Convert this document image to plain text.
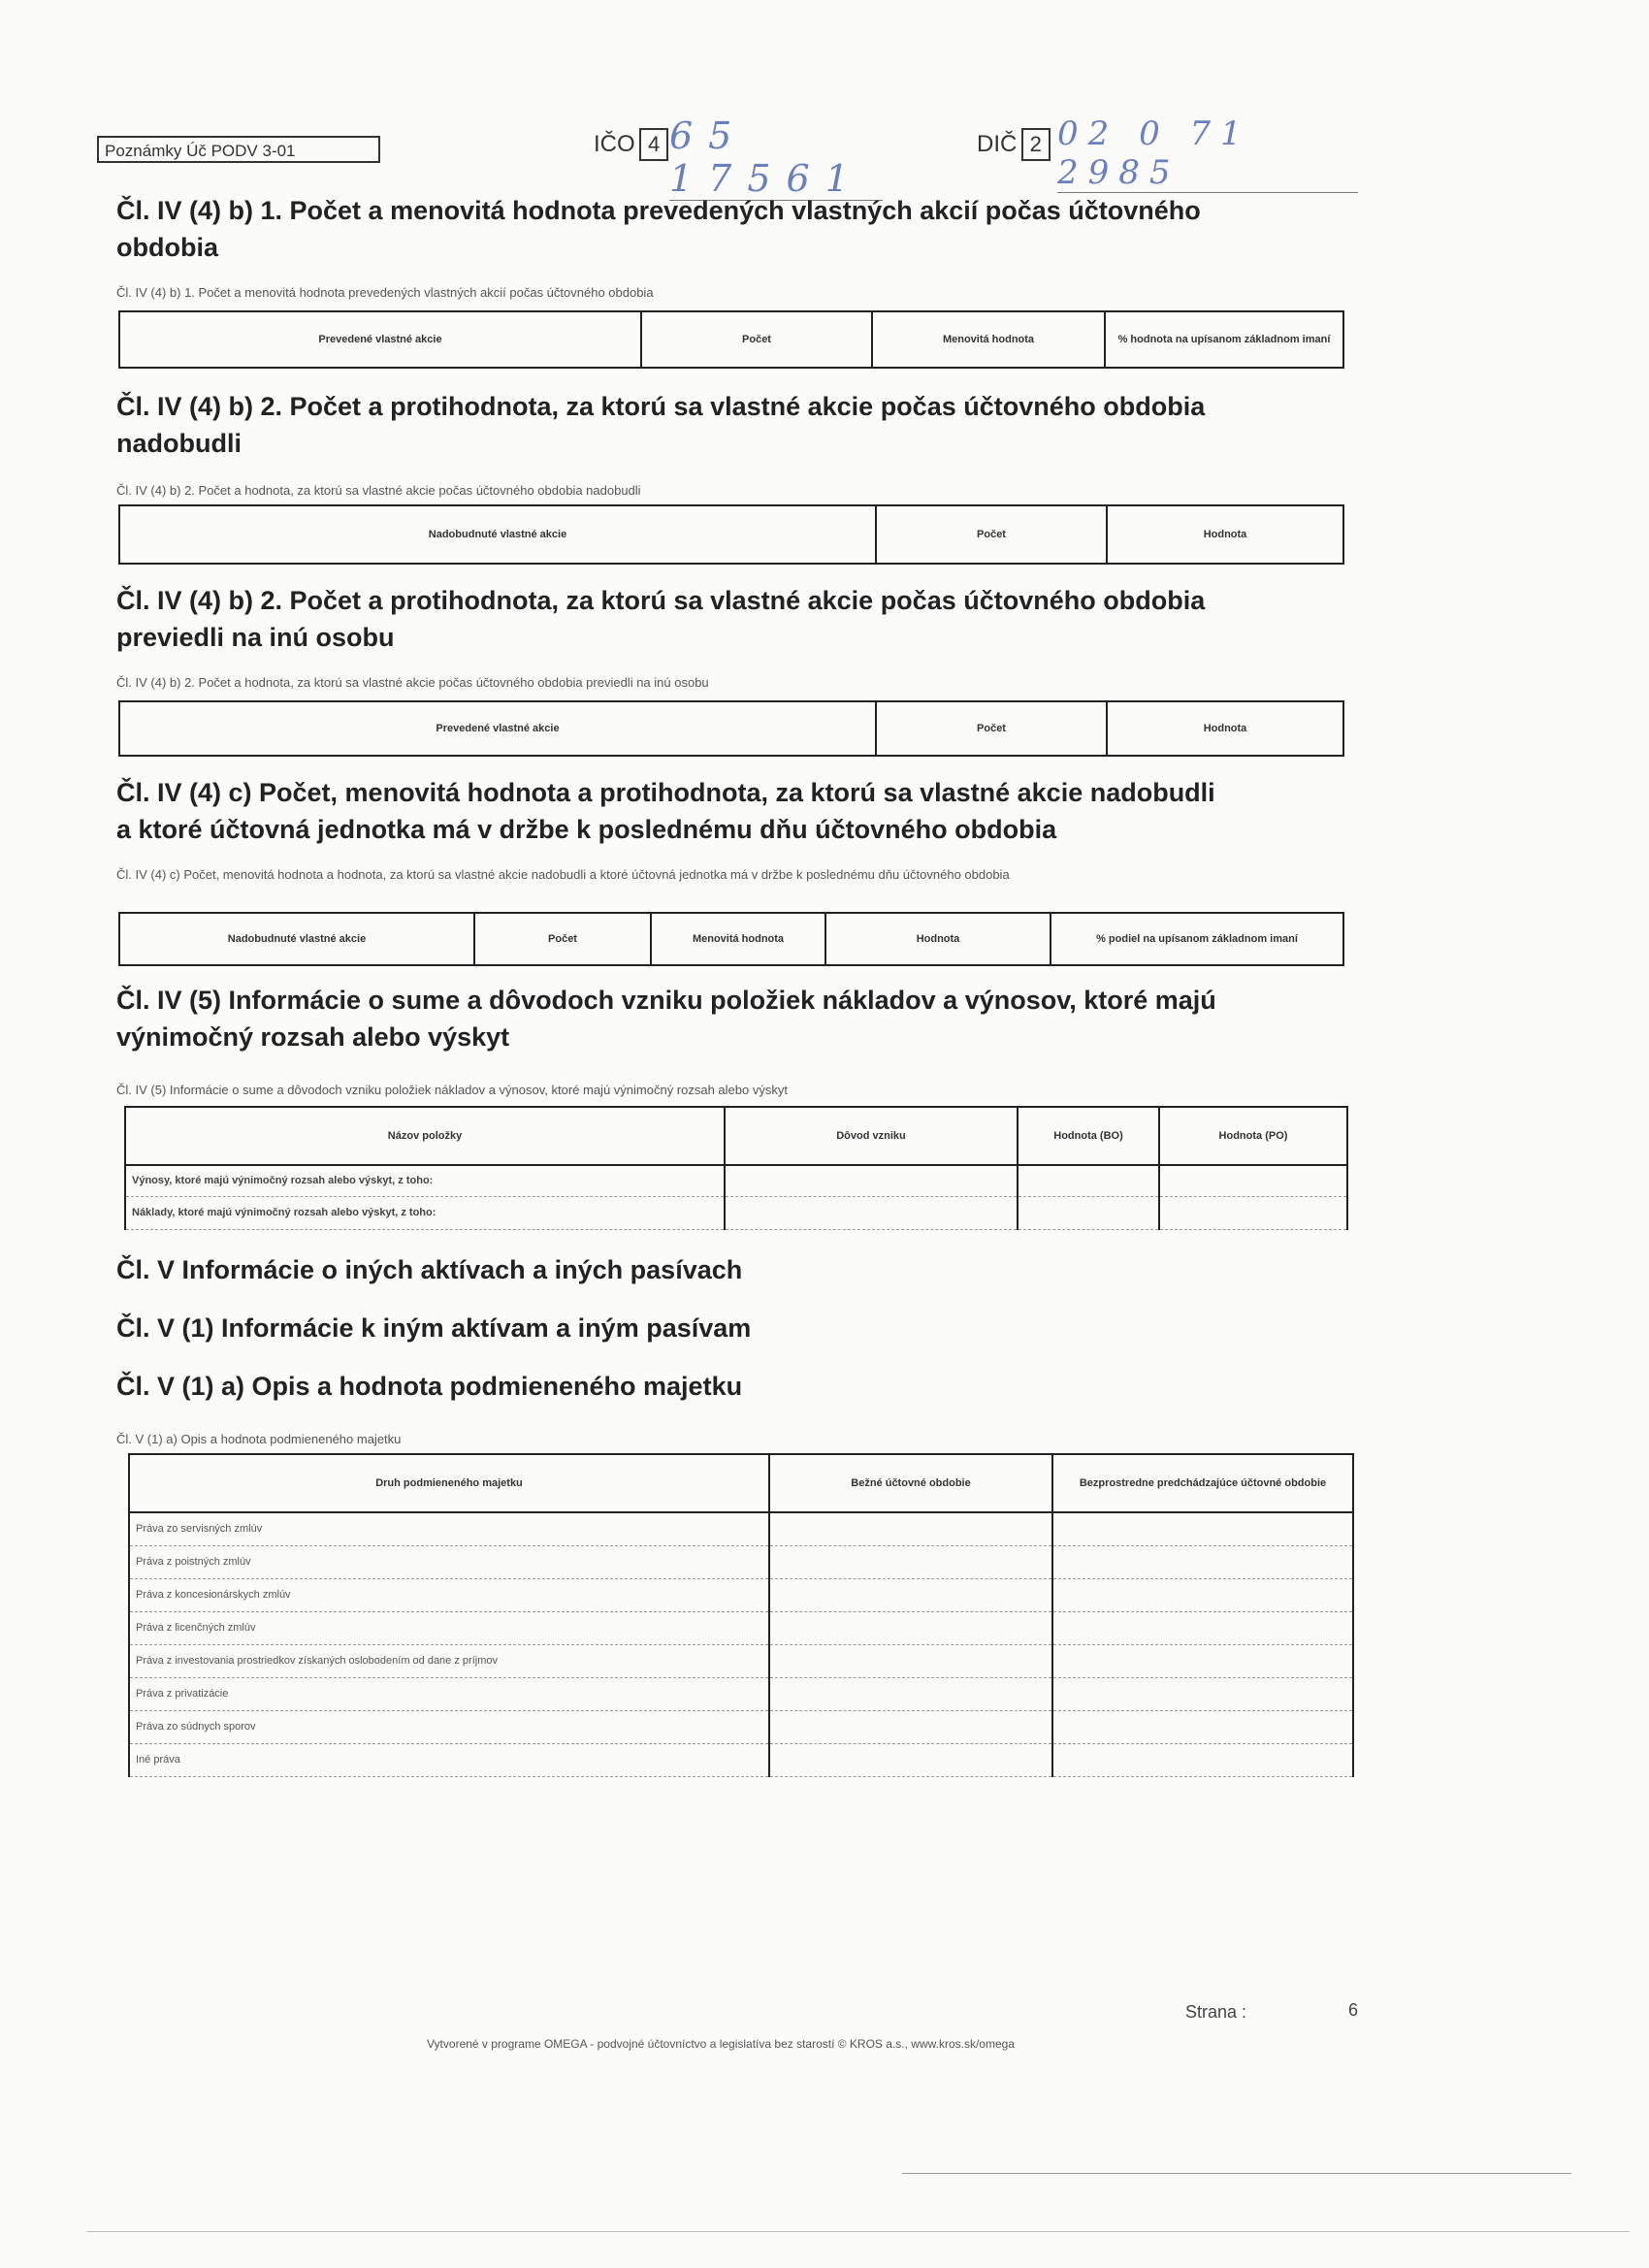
Poznámky Úč PODV 3-01	IČO 4 65 17561
DIČ 2 02 0 71 2985
Čl. IV (4) b) 1. Počet a menovitá hodnota prevedených vlastných akcií počas účtovného obdobia
Čl. IV (4) b) 1. Počet a menovitá hodnota prevedených vlastných akcií počas účtovného obdobia
Prevedené vlastné akcie	Počet	Menovitá hodnota	% hodnota na upísanom základnom imaní
Čl. IV (4) b) 2. Počet a protihodnota, za ktorú sa vlastné akcie počas účtovného obdobia nadobudli
Čl. IV (4) b) 2. Počet a hodnota, za ktorú sa vlastné akcie počas účtovného obdobia nadobudli
Nadobudnuté vlastné akcie	Počet	Hodnota
Čl. IV (4) b) 2. Počet a protihodnota, za ktorú sa vlastné akcie počas účtovného obdobia previedli na inú osobu
Čl. IV (4) b) 2. Počet a hodnota, za ktorú sa vlastné akcie počas účtovného obdobia previedli na inú osobu
Prevedené vlastné akcie	Počet	Hodnota
Čl. IV (4) c) Počet, menovitá hodnota a protihodnota, za ktorú sa vlastné akcie nadobudli a ktoré účtovná jednotka má v držbe k poslednému dňu účtovného obdobia
Čl. IV (4) c) Počet, menovitá hodnota a hodnota, za ktorú sa vlastné akcie nadobudli a ktoré účtovná jednotka má v držbe k poslednému dňu účtovného obdobia
Nadobudnuté vlastné akcie	Počet	Menovitá hodnota	Hodnota	% podiel na upísanom základnom imaní
Čl. IV (5) Informácie o sume a dôvodoch vzniku položiek nákladov a výnosov, ktoré majú výnimočný rozsah alebo výskyt
Čl. IV (5) Informácie o sume a dôvodoch vzniku položiek nákladov a výnosov, ktoré majú výnimočný rozsah alebo výskyt
Názov položky	Dôvod vzniku	Hodnota (BO)	Hodnota (PO)
Výnosy, ktoré majú výnimočný rozsah alebo výskyt, z toho:			
Náklady, ktoré majú výnimočný rozsah alebo výskyt, z toho:			
Čl. V Informácie o iných aktívach a iných pasívach
Čl. V (1) Informácie k iným aktívam a iným pasívam
Čl. V (1) a) Opis a hodnota podmieneného majetku
Čl. V (1) a) Opis a hodnota podmieneného majetku
Druh podmieneného majetku	Bežné účtovné obdobie	Bezprostredne predchádzajúce účtovné obdobie
Práva zo servisných zmlúv		
Práva z poistných zmlúv		
Práva z koncesionárskych zmlúv		
Práva z licenčných zmlúv		
Práva z investovania prostriedkov získaných oslobodením od dane z príjmov		
Práva z privatizácie		
Práva zo súdnych sporov		
Iné práva		
Strana :	6
Vytvorené v programe OMEGA - podvojné účtovníctvo a legislatíva bez starostí © KROS a.s., www.kros.sk/omega
